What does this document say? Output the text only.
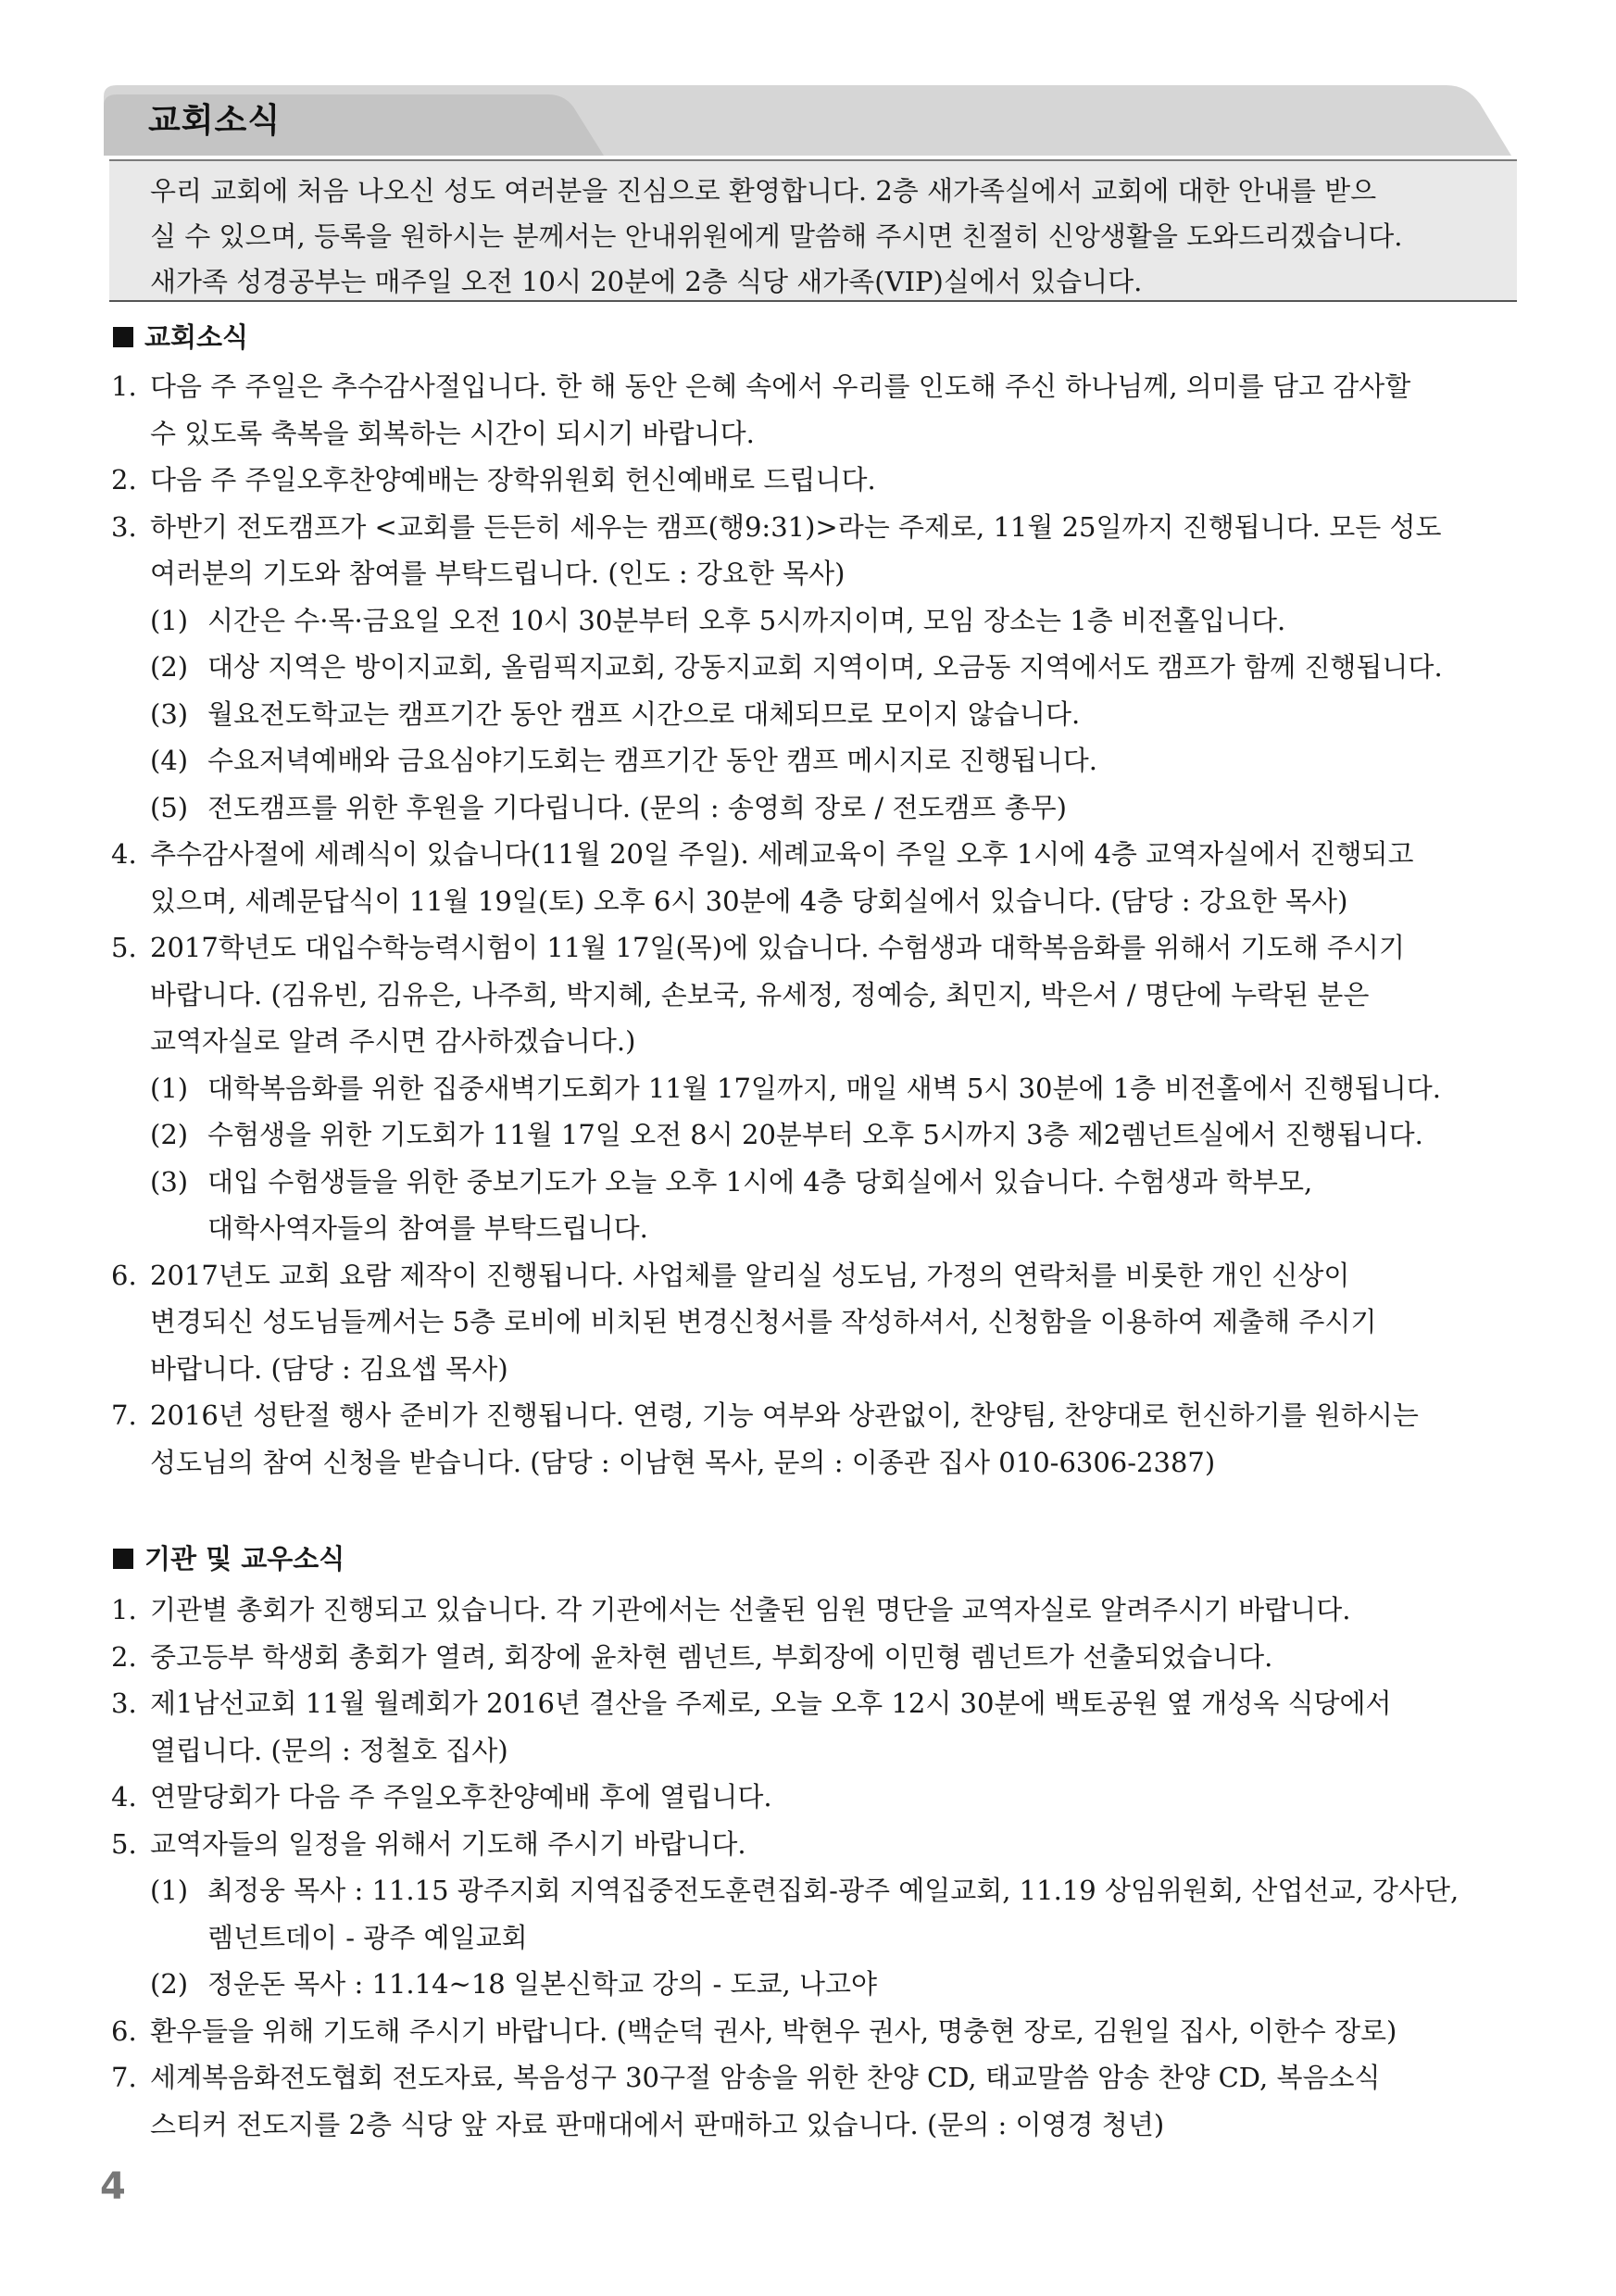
교회소식
우리 교회에 처음 나오신 성도 여러분을 진심으로 환영합니다. 2층 새가족실에서 교회에 대한 안내를 받으
실 수 있으며, 등록을 원하시는 분께서는 안내위원에게 말씀해 주시면 친절히 신앙생활을 도와드리겠습니다.
새가족 성경공부는 매주일 오전 10시 20분에 2층 식당 새가족(VIP)실에서 있습니다.
교회소식
1. 다음 주 주일은 추수감사절입니다. 한 해 동안 은혜 속에서 우리를 인도해 주신 하나님께, 의미를 담고 감사할
수 있도록 축복을 회복하는 시간이 되시기 바랍니다.
2. 다음 주 주일오후찬양예배는 장학위원회 헌신예배로 드립니다.
3. 하반기 전도캠프가 <교회를 든든히 세우는 캠프(행9:31)>라는 주제로, 11월 25일까지 진행됩니다. 모든 성도
여러분의 기도와 참여를 부탁드립니다. (인도 : 강요한 목사)
(1) 시간은 수·목·금요일 오전 10시 30분부터 오후 5시까지이며, 모임 장소는 1층 비전홀입니다.
(2) 대상 지역은 방이지교회, 올림픽지교회, 강동지교회 지역이며, 오금동 지역에서도 캠프가 함께 진행됩니다.
(3) 월요전도학교는 캠프기간 동안 캠프 시간으로 대체되므로 모이지 않습니다.
(4) 수요저녁예배와 금요심야기도회는 캠프기간 동안 캠프 메시지로 진행됩니다.
(5) 전도캠프를 위한 후원을 기다립니다. (문의 : 송영희 장로 / 전도캠프 총무)
4. 추수감사절에 세례식이 있습니다(11월 20일 주일). 세례교육이 주일 오후 1시에 4층 교역자실에서 진행되고
있으며, 세례문답식이 11월 19일(토) 오후 6시 30분에 4층 당회실에서 있습니다. (담당 : 강요한 목사)
5. 2017학년도 대입수학능력시험이 11월 17일(목)에 있습니다. 수험생과 대학복음화를 위해서 기도해 주시기
바랍니다. (김유빈, 김유은, 나주희, 박지혜, 손보국, 유세정, 정예승, 최민지, 박은서 / 명단에 누락된 분은
교역자실로 알려 주시면 감사하겠습니다.)
(1) 대학복음화를 위한 집중새벽기도회가 11월 17일까지, 매일 새벽 5시 30분에 1층 비전홀에서 진행됩니다.
(2) 수험생을 위한 기도회가 11월 17일 오전 8시 20분부터 오후 5시까지 3층 제2렘넌트실에서 진행됩니다.
(3) 대입 수험생들을 위한 중보기도가 오늘 오후 1시에 4층 당회실에서 있습니다. 수험생과 학부모,
대학사역자들의 참여를 부탁드립니다.
6. 2017년도 교회 요람 제작이 진행됩니다. 사업체를 알리실 성도님, 가정의 연락처를 비롯한 개인 신상이
변경되신 성도님들께서는 5층 로비에 비치된 변경신청서를 작성하셔서, 신청함을 이용하여 제출해 주시기
바랍니다. (담당 : 김요셉 목사)
7. 2016년 성탄절 행사 준비가 진행됩니다. 연령, 기능 여부와 상관없이, 찬양팀, 찬양대로 헌신하기를 원하시는
성도님의 참여 신청을 받습니다. (담당 : 이남현 목사, 문의 : 이종관 집사 010-6306-2387)
기관 및 교우소식
1. 기관별 총회가 진행되고 있습니다. 각 기관에서는 선출된 임원 명단을 교역자실로 알려주시기 바랍니다.
2. 중고등부 학생회 총회가 열려, 회장에 윤차현 렘넌트, 부회장에 이민형 렘넌트가 선출되었습니다.
3. 제1남선교회 11월 월례회가 2016년 결산을 주제로, 오늘 오후 12시 30분에 백토공원 옆 개성옥 식당에서
열립니다. (문의 : 정철호 집사)
4. 연말당회가 다음 주 주일오후찬양예배 후에 열립니다.
5. 교역자들의 일정을 위해서 기도해 주시기 바랍니다.
(1) 최정웅 목사 : 11.15 광주지회 지역집중전도훈련집회-광주 예일교회, 11.19 상임위원회, 산업선교, 강사단,
렘넌트데이 - 광주 예일교회
(2) 정운돈 목사 : 11.14~18 일본신학교 강의 - 도쿄, 나고야
6. 환우들을 위해 기도해 주시기 바랍니다. (백순덕 권사, 박현우 권사, 명충현 장로, 김원일 집사, 이한수 장로)
7. 세계복음화전도협회 전도자료, 복음성구 30구절 암송을 위한 찬양 CD, 태교말씀 암송 찬양 CD, 복음소식
스티커 전도지를 2층 식당 앞 자료 판매대에서 판매하고 있습니다. (문의 : 이영경 청년)
4
